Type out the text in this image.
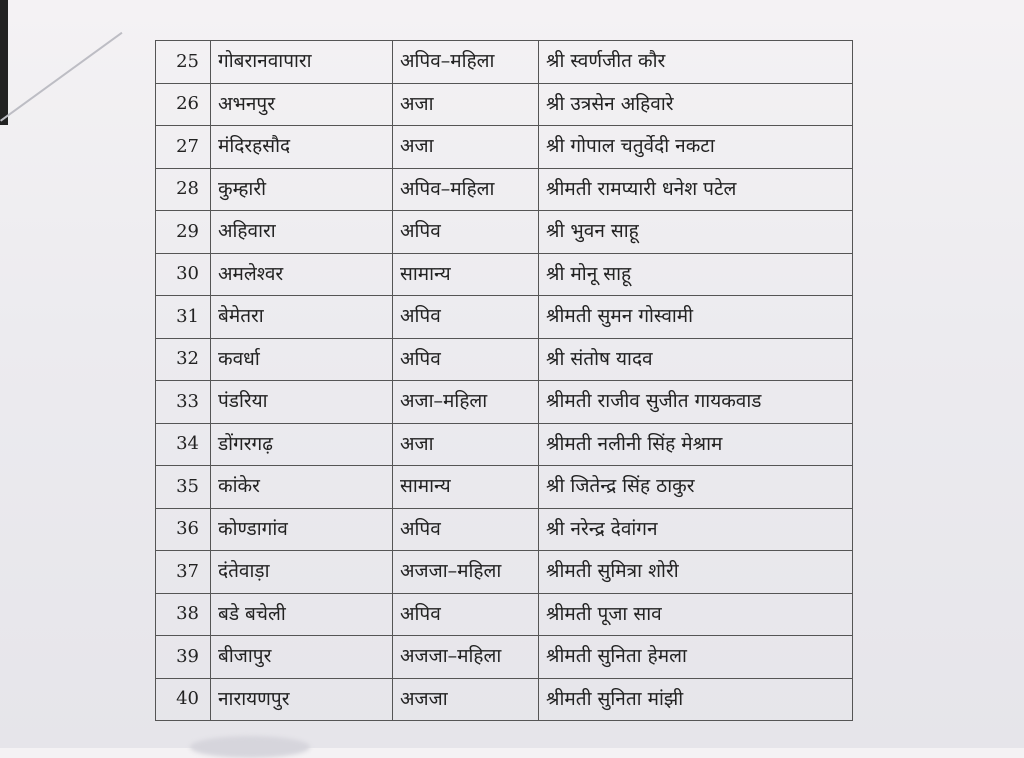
25	गोबरानवापारा	अपिव–महिला	श्री स्वर्णजीत कौर
26	अभनपुर	अजा	श्री उत्रसेन अहिवारे
27	मंदिरहसौद	अजा	श्री गोपाल चतुर्वेदी नकटा
28	कुम्हारी	अपिव–महिला	श्रीमती रामप्यारी धनेश पटेल
29	अहिवारा	अपिव	श्री भुवन साहू
30	अमलेश्वर	सामान्य	श्री मोनू साहू
31	बेमेतरा	अपिव	श्रीमती सुमन गोस्वामी
32	कवर्धा	अपिव	श्री संतोष यादव
33	पंडरिया	अजा–महिला	श्रीमती राजीव सुजीत गायकवाड
34	डोंगरगढ़	अजा	श्रीमती नलीनी सिंह मेश्राम
35	कांकेर	सामान्य	श्री जितेन्द्र सिंह ठाकुर
36	कोण्डागांव	अपिव	श्री नरेन्द्र देवांगन
37	दंतेवाड़ा	अजजा–महिला	श्रीमती सुमित्रा शोरी
38	बडे बचेली	अपिव	श्रीमती पूजा साव
39	बीजापुर	अजजा–महिला	श्रीमती सुनिता हेमला
40	नारायणपुर	अजजा	श्रीमती सुनिता मांझी
